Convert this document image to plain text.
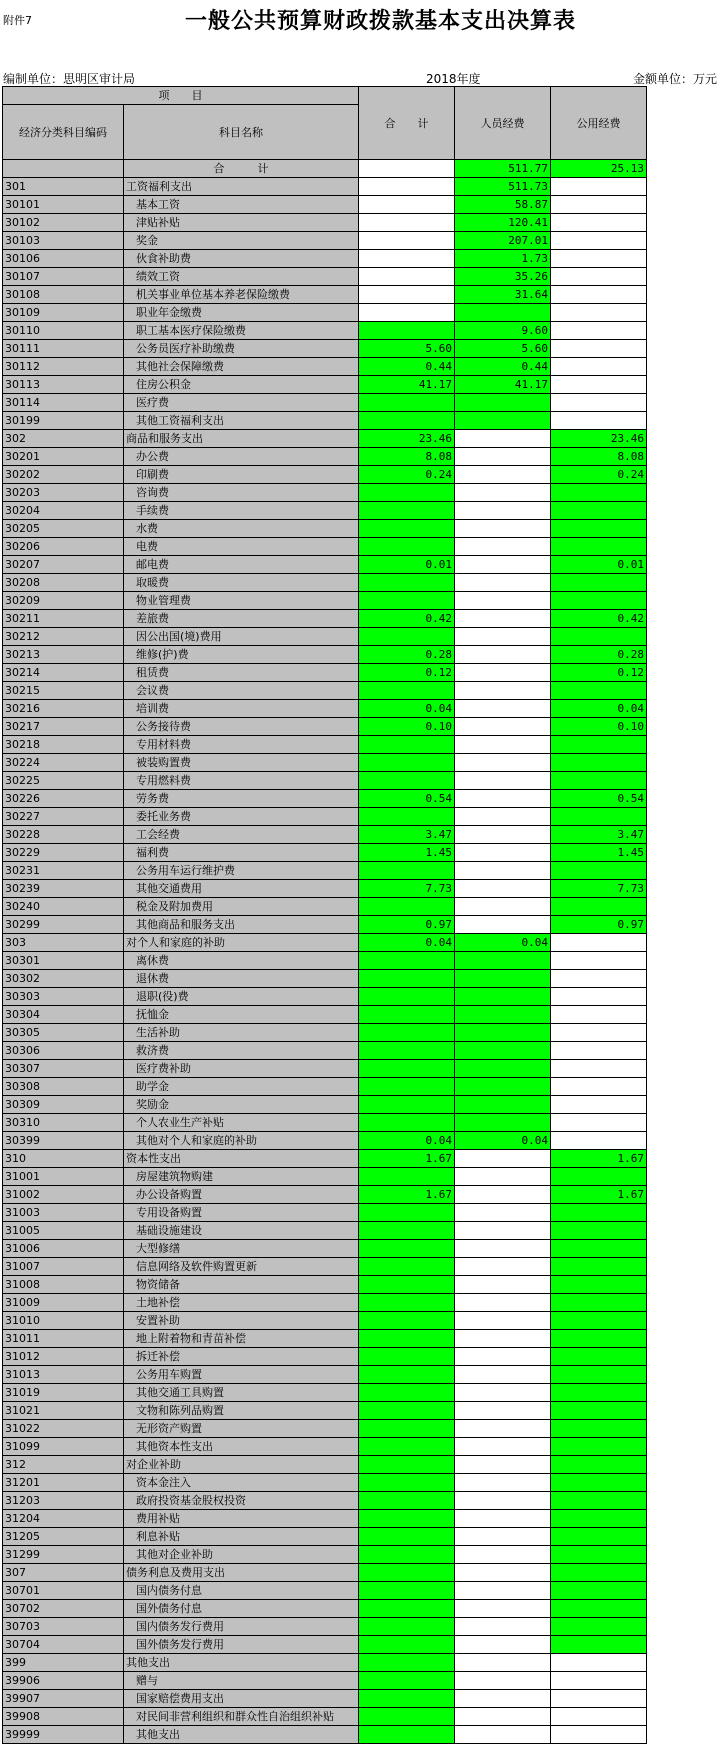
附件7	一般公共预算财政拨款基本支出决算表
编制单位：思明区审计局	2018年度	金额单位：万元
项　　目		合　　计	人员经费	公用经费
经济分类科目编码	科目名称			
	合　　　计		511.77	25.13
301	工资福利支出		511.73	
30101	基本工资		58.87	
30102	津贴补贴		120.41	
30103	奖金		207.01	
30106	伙食补助费		1.73	
30107	绩效工资		35.26	
30108	机关事业单位基本养老保险缴费		31.64	
30109	职业年金缴费			
30110	职工基本医疗保险缴费		9.60	
30111	公务员医疗补助缴费	5.60	5.60	
30112	其他社会保障缴费	0.44	0.44	
30113	住房公积金	41.17	41.17	
30114	医疗费			
30199	其他工资福利支出			
302	商品和服务支出	23.46		23.46
30201	办公费	8.08		8.08
30202	印刷费	0.24		0.24
30203	咨询费			
30204	手续费			
30205	水费			
30206	电费			
30207	邮电费	0.01		0.01
30208	取暖费			
30209	物业管理费			
30211	差旅费	0.42		0.42
30212	因公出国(境)费用			
30213	维修(护)费	0.28		0.28
30214	租赁费	0.12		0.12
30215	会议费			
30216	培训费	0.04		0.04
30217	公务接待费	0.10		0.10
30218	专用材料费			
30224	被装购置费			
30225	专用燃料费			
30226	劳务费	0.54		0.54
30227	委托业务费			
30228	工会经费	3.47		3.47
30229	福利费	1.45		1.45
30231	公务用车运行维护费			
30239	其他交通费用	7.73		7.73
30240	税金及附加费用			
30299	其他商品和服务支出	0.97		0.97
303	对个人和家庭的补助	0.04	0.04	
30301	离休费			
30302	退休费			
30303	退职(役)费			
30304	抚恤金			
30305	生活补助			
30306	救济费			
30307	医疗费补助			
30308	助学金			
30309	奖励金			
30310	个人农业生产补贴			
30399	其他对个人和家庭的补助	0.04	0.04	
310	资本性支出	1.67		1.67
31001	房屋建筑物购建			
31002	办公设备购置	1.67		1.67
31003	专用设备购置			
31005	基础设施建设			
31006	大型修缮			
31007	信息网络及软件购置更新			
31008	物资储备			
31009	土地补偿			
31010	安置补助			
31011	地上附着物和青苗补偿			
31012	拆迁补偿			
31013	公务用车购置			
31019	其他交通工具购置			
31021	文物和陈列品购置			
31022	无形资产购置			
31099	其他资本性支出			
312	对企业补助			
31201	资本金注入			
31203	政府投资基金股权投资			
31204	费用补贴			
31205	利息补贴			
31299	其他对企业补助			
307	债务利息及费用支出			
30701	国内债务付息			
30702	国外债务付息			
30703	国内债务发行费用			
30704	国外债务发行费用			
399	其他支出			
39906	赠与			
39907	国家赔偿费用支出			
39908	对民间非营利组织和群众性自治组织补贴			
39999	其他支出			
